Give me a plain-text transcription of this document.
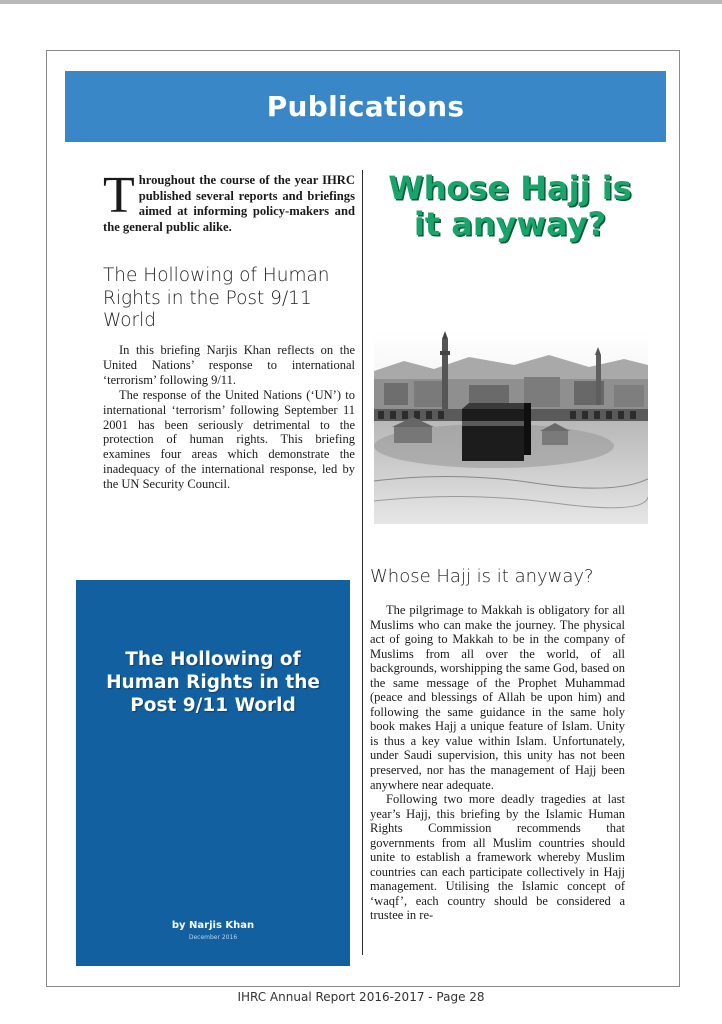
Publications
Throughout the course of the year IHRC published several reports and briefings aimed at informing policy-makers and the general public alike.
The Hollowing of Human Rights in the Post 9/11 World

In this briefing Narjis Khan reflects on the United Nations’ response to international ‘terrorism’ following 9/11.

The response of the United Nations (‘UN’) to international ‘terrorism’ following September 11 2001 has been seriously detrimental to the protection of human rights. This briefing examines four areas which demonstrate the inadequacy of the international response, led by the UN Security Council.

The Hollowing of Human Rights in the Post 9/11 World
by Narjis Khan
December 2016
Whose Hajj is it anyway?
Whose Hajj is it anyway?

The pilgrimage to Makkah is obligatory for all Muslims who can make the journey. The physical act of going to Makkah to be in the company of Muslims from all over the world, of all backgrounds, worshipping the same God, based on the same message of the Prophet Muhammad (peace and blessings of Allah be upon him) and following the same guidance in the same holy book makes Hajj a unique feature of Islam. Unity is thus a key value within Islam. Unfortunately, under Saudi supervision, this unity has not been preserved, nor has the management of Hajj been anywhere near adequate.

Following two more deadly tragedies at last year’s Hajj, this briefing by the Islamic Human Rights Commission recommends that governments from all Muslim countries should unite to establish a framework whereby Muslim countries can each participate collectively in Hajj management. Utilising the Islamic concept of ‘waqf’, each country should be considered a trustee in re-

IHRC Annual Report 2016-2017 - Page 28
